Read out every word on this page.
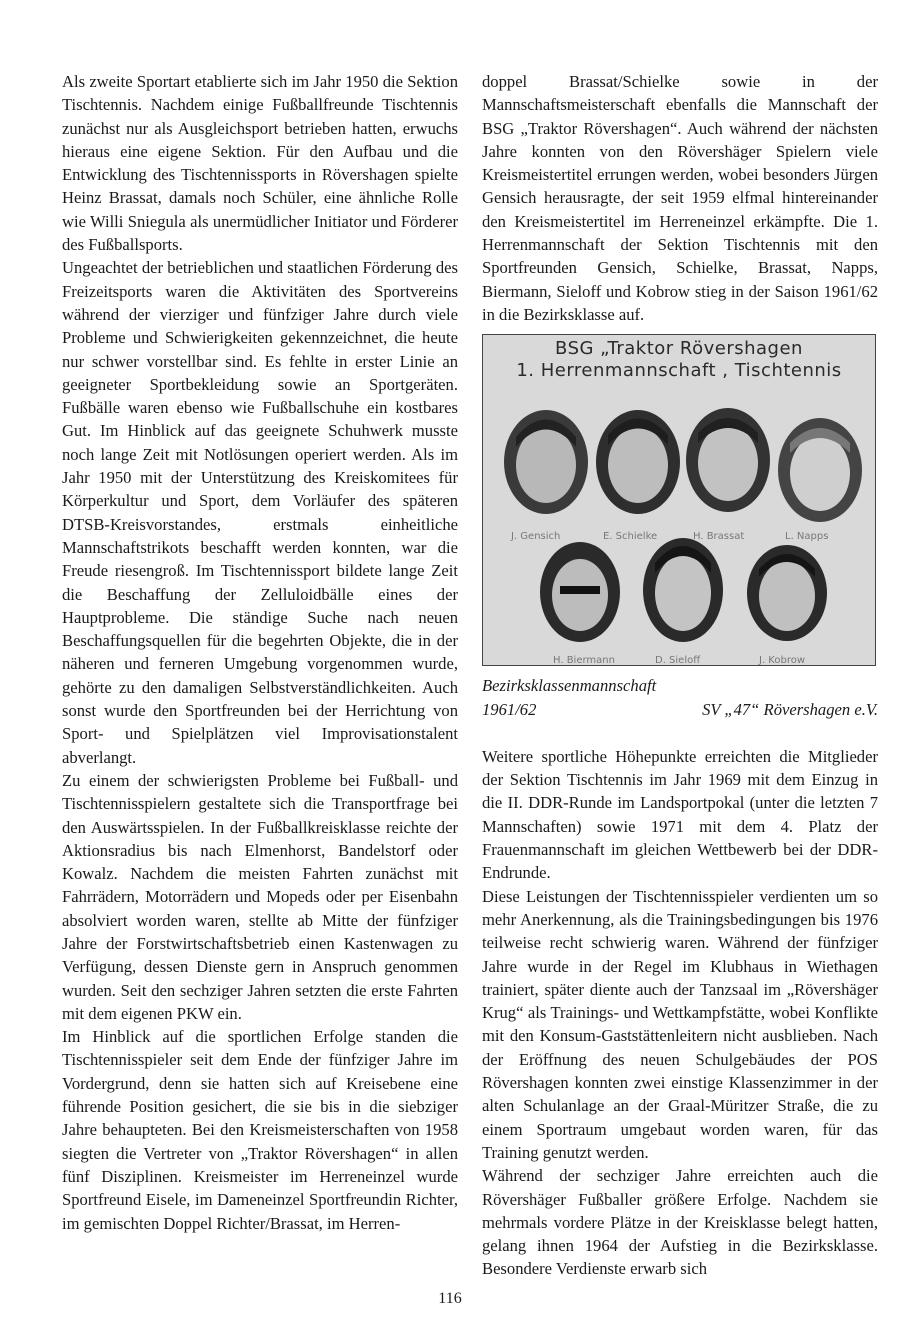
Als zweite Sportart etablierte sich im Jahr 1950 die Sektion Tischtennis. Nachdem einige Fußballfreunde Tischtennis zunächst nur als Ausgleichsport betrieben hatten, erwuchs hieraus eine eigene Sektion. Für den Aufbau und die Entwicklung des Tischtennissports in Rövershagen spielte Heinz Brassat, damals noch Schüler, eine ähnliche Rolle wie Willi Sniegula als unermüdlicher Initiator und Förderer des Fußballsports.

Ungeachtet der betrieblichen und staatlichen Förderung des Freizeitsports waren die Aktivitäten des Sportvereins während der vierziger und fünfziger Jahre durch viele Probleme und Schwierigkeiten gekennzeichnet, die heute nur schwer vorstellbar sind. Es fehlte in erster Linie an geeigneter Sportbekleidung sowie an Sportgeräten. Fußbälle waren ebenso wie Fußballschuhe ein kostbares Gut. Im Hinblick auf das geeignete Schuhwerk musste noch lange Zeit mit Notlösungen operiert werden. Als im Jahr 1950 mit der Unterstützung des Kreiskomitees für Körperkultur und Sport, dem Vorläufer des späteren DTSB-Kreisvorstandes, erstmals einheitliche Mannschaftstrikots beschafft werden konnten, war die Freude riesengroß. Im Tischtennissport bildete lange Zeit die Beschaffung der Zelluloidbälle eines der Hauptprobleme. Die ständige Suche nach neuen Beschaffungsquellen für die begehrten Objekte, die in der näheren und ferneren Umgebung vorgenommen wurde, gehörte zu den damaligen Selbstverständlichkeiten. Auch sonst wurde den Sportfreunden bei der Herrichtung von Sport- und Spielplätzen viel Improvisationstalent abverlangt.

Zu einem der schwierigsten Probleme bei Fußball- und Tischtennisspielern gestaltete sich die Transportfrage bei den Auswärtsspielen. In der Fußballkreisklasse reichte der Aktionsradius bis nach Elmenhorst, Bandelstorf oder Kowalz. Nachdem die meisten Fahrten zunächst mit Fahrrädern, Motorrädern und Mopeds oder per Eisenbahn absolviert worden waren, stellte ab Mitte der fünfziger Jahre der Forstwirtschaftsbetrieb einen Kastenwagen zu Verfügung, dessen Dienste gern in Anspruch genommen wurden. Seit den sechziger Jahren setzten die erste Fahrten mit dem eigenen PKW ein.

Im Hinblick auf die sportlichen Erfolge standen die Tischtennisspieler seit dem Ende der fünfziger Jahre im Vordergrund, denn sie hatten sich auf Kreisebene eine führende Position gesichert, die sie bis in die siebziger Jahre behaupteten. Bei den Kreismeisterschaften von 1958 siegten die Vertreter von „Traktor Rövershagen“ in allen fünf Disziplinen. Kreismeister im Herreneinzel wurde Sportfreund Eisele, im Dameneinzel Sportfreundin Richter, im gemischten Doppel Richter/Brassat, im Herren-

doppel Brassat/Schielke sowie in der Mannschaftsmeisterschaft ebenfalls die Mannschaft der BSG „Traktor Rövershagen“. Auch während der nächsten Jahre konnten von den Rövershäger Spielern viele Kreismeistertitel errungen werden, wobei besonders Jürgen Gensich herausragte, der seit 1959 elfmal hintereinander den Kreismeistertitel im Herreneinzel erkämpfte. Die 1. Herrenmannschaft der Sektion Tischtennis mit den Sportfreunden Gensich, Schielke, Brassat, Napps, Biermann, Sieloff und Kobrow stieg in der Saison 1961/62 in die Bezirksklasse auf.

BSG „Traktor Rövershagen
1. Herrenmannschaft , Tischtennis
J. Gensich	E. Schielke	H. Brassat	L. Napps
H. Biermann	D. Sieloff	J. Kobrow
Bezirksklassenmannschaft
1961/62	SV „47“ Rövershagen e.V.

Weitere sportliche Höhepunkte erreichten die Mitglieder der Sektion Tischtennis im Jahr 1969 mit dem Einzug in die II. DDR-Runde im Landsportpokal (unter die letzten 7 Mannschaften) sowie 1971 mit dem 4. Platz der Frauenmannschaft im gleichen Wettbewerb bei der DDR-Endrunde.

Diese Leistungen der Tischtennisspieler verdienten um so mehr Anerkennung, als die Trainingsbedingungen bis 1976 teilweise recht schwierig waren. Während der fünfziger Jahre wurde in der Regel im Klubhaus in Wiethagen trainiert, später diente auch der Tanzsaal im „Rövershäger Krug“ als Trainings- und Wettkampfstätte, wobei Konflikte mit den Konsum-Gaststättenleitern nicht ausblieben. Nach der Eröffnung des neuen Schulgebäudes der POS Rövershagen konnten zwei einstige Klassenzimmer in der alten Schulanlage an der Graal-Müritzer Straße, die zu einem Sportraum umgebaut worden waren, für das Training genutzt werden.

Während der sechziger Jahre erreichten auch die Rövershäger Fußballer größere Erfolge. Nachdem sie mehrmals vordere Plätze in der Kreisklasse belegt hatten, gelang ihnen 1964 der Aufstieg in die Bezirksklasse. Besondere Verdienste erwarb sich

116
